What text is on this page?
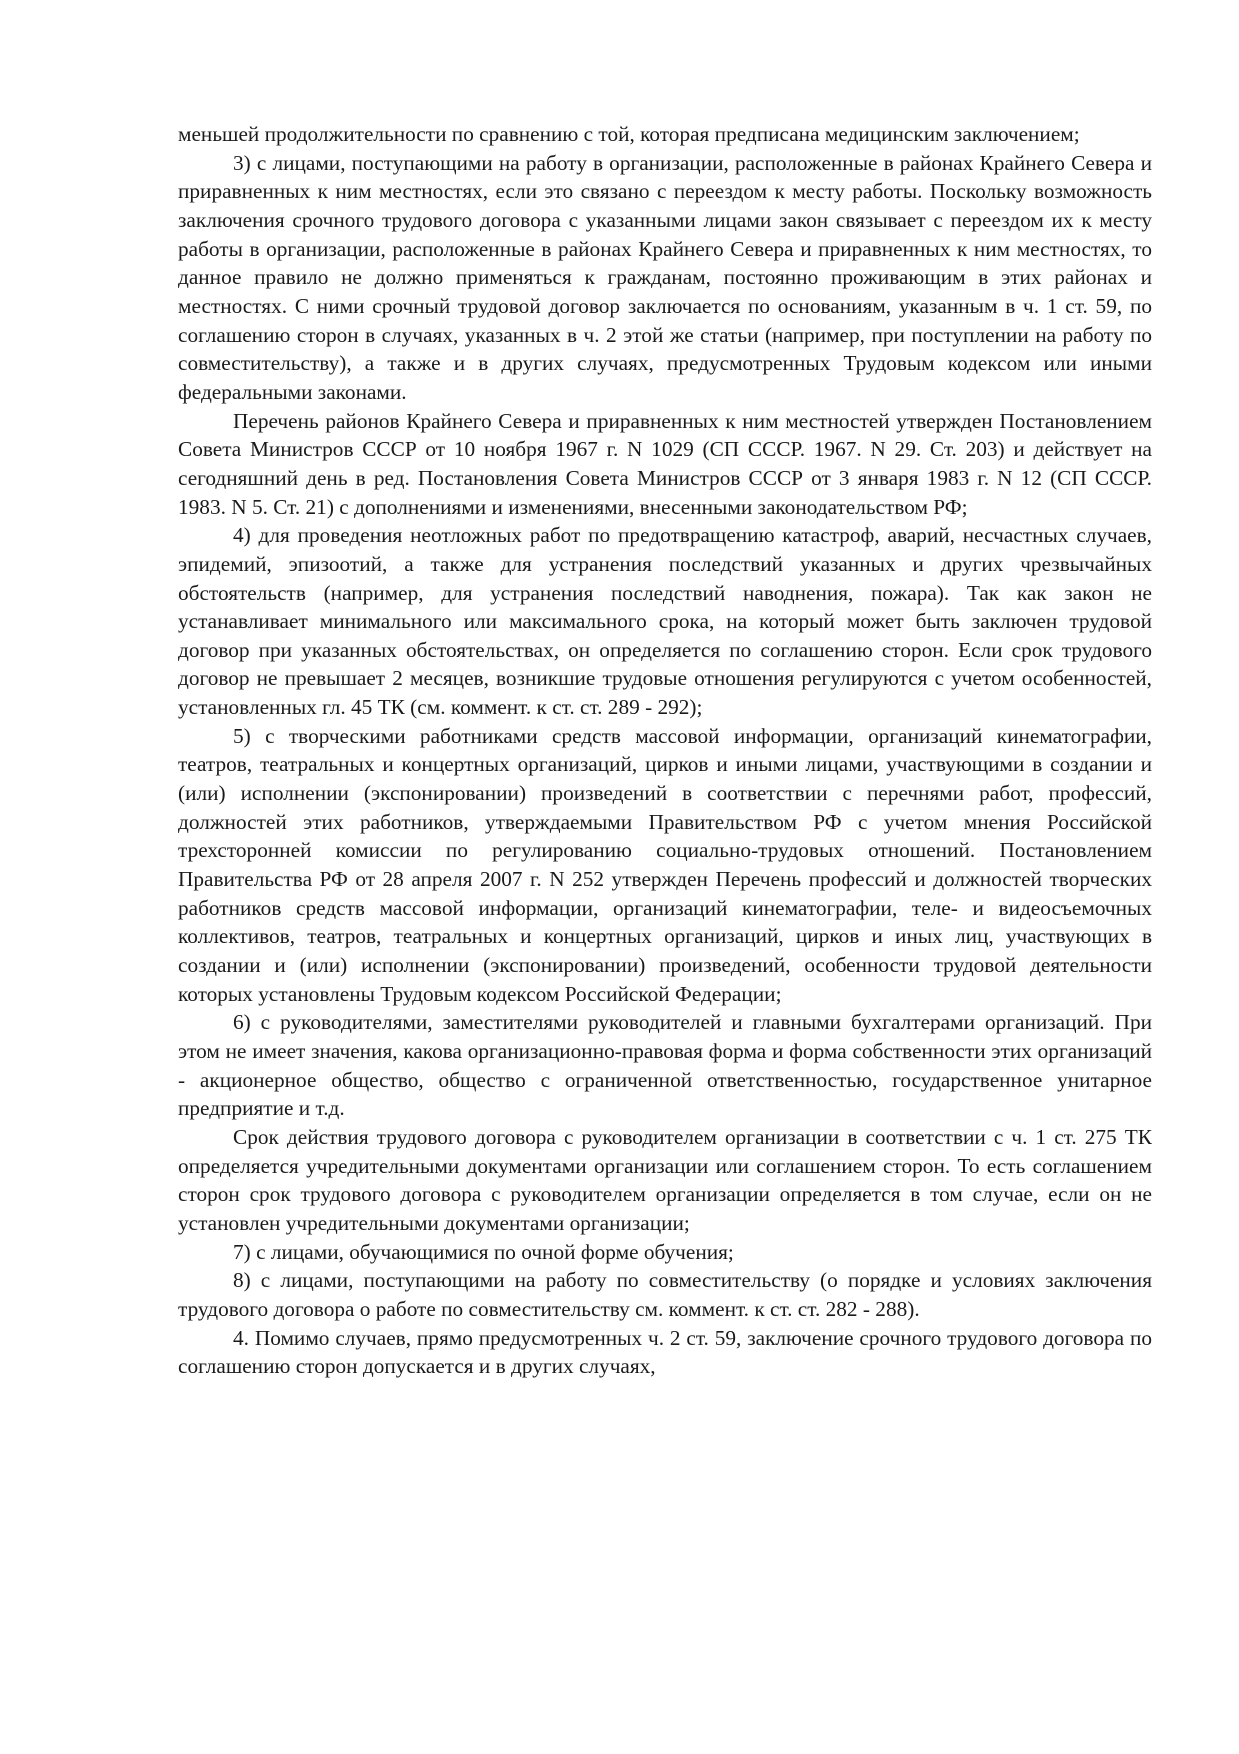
меньшей продолжительности по сравнению с той, которая предписана медицинским заключением;

3) с лицами, поступающими на работу в организации, расположенные в районах Крайнего Севера и приравненных к ним местностях, если это связано с переездом к месту работы. Поскольку возможность заключения срочного трудового договора с указанными лицами закон связывает с переездом их к месту работы в организации, расположенные в районах Крайнего Севера и приравненных к ним местностях, то данное правило не должно применяться к гражданам, постоянно проживающим в этих районах и местностях. С ними срочный трудовой договор заключается по основаниям, указанным в ч. 1 ст. 59, по соглашению сторон в случаях, указанных в ч. 2 этой же статьи (например, при поступлении на работу по совместительству), а также и в других случаях, предусмотренных Трудовым кодексом или иными федеральными законами.

Перечень районов Крайнего Севера и приравненных к ним местностей утвержден Постановлением Совета Министров СССР от 10 ноября 1967 г. N 1029 (СП СССР. 1967. N 29. Ст. 203) и действует на сегодняшний день в ред. Постановления Совета Министров СССР от 3 января 1983 г. N 12 (СП СССР. 1983. N 5. Ст. 21) с дополнениями и изменениями, внесенными законодательством РФ;

4) для проведения неотложных работ по предотвращению катастроф, аварий, несчастных случаев, эпидемий, эпизоотий, а также для устранения последствий указанных и других чрезвычайных обстоятельств (например, для устранения последствий наводнения, пожара). Так как закон не устанавливает минимального или максимального срока, на который может быть заключен трудовой договор при указанных обстоятельствах, он определяется по соглашению сторон. Если срок трудового договор не превышает 2 месяцев, возникшие трудовые отношения регулируются с учетом особенностей, установленных гл. 45 ТК (см. коммент. к ст. ст. 289 - 292);

5) с творческими работниками средств массовой информации, организаций кинематографии, театров, театральных и концертных организаций, цирков и иными лицами, участвующими в создании и (или) исполнении (экспонировании) произведений в соответствии с перечнями работ, профессий, должностей этих работников, утверждаемыми Правительством РФ с учетом мнения Российской трехсторонней комиссии по регулированию социально-трудовых отношений. Постановлением Правительства РФ от 28 апреля 2007 г. N 252 утвержден Перечень профессий и должностей творческих работников средств массовой информации, организаций кинематографии, теле- и видеосъемочных коллективов, театров, театральных и концертных организаций, цирков и иных лиц, участвующих в создании и (или) исполнении (экспонировании) произведений, особенности трудовой деятельности которых установлены Трудовым кодексом Российской Федерации;

6) с руководителями, заместителями руководителей и главными бухгалтерами организаций. При этом не имеет значения, какова организационно-правовая форма и форма собственности этих организаций - акционерное общество, общество с ограниченной ответственностью, государственное унитарное предприятие и т.д.

Срок действия трудового договора с руководителем организации в соответствии с ч. 1 ст. 275 ТК определяется учредительными документами организации или соглашением сторон. То есть соглашением сторон срок трудового договора с руководителем организации определяется в том случае, если он не установлен учредительными документами организации;

7) с лицами, обучающимися по очной форме обучения;

8) с лицами, поступающими на работу по совместительству (о порядке и условиях заключения трудового договора о работе по совместительству см. коммент. к ст. ст. 282 - 288).

4. Помимо случаев, прямо предусмотренных ч. 2 ст. 59, заключение срочного трудового договора по соглашению сторон допускается и в других случаях,
